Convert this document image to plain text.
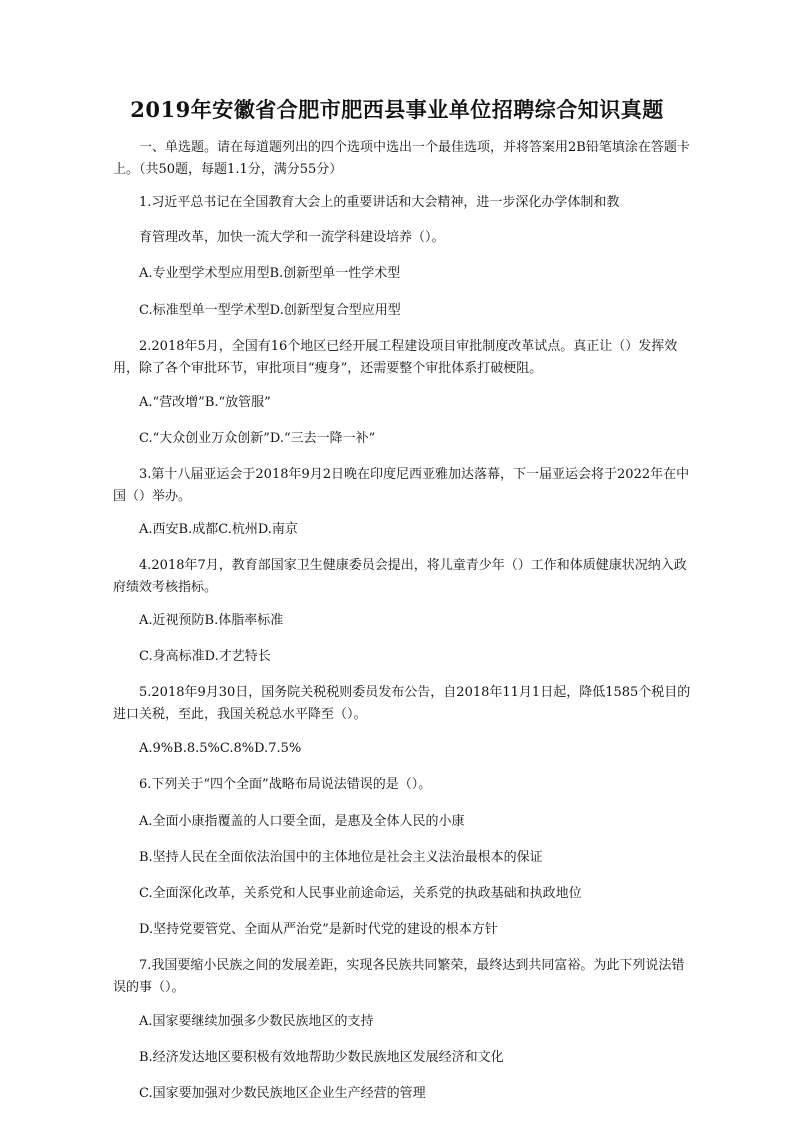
2019年安徽省合肥市肥西县事业单位招聘综合知识真题

一、单选题。请在每道题列出的四个选项中选出一个最佳选项，并将答案用2B铅笔填涂在答题卡上。（共50题，每题1.1分，满分55分）

1.习近平总书记在全国教育大会上的重要讲话和大会精神，进一步深化办学体制和教

育管理改革，加快一流大学和一流学科建设培养（）。

A.专业型学术型应用型B.创新型单一性学术型

C.标准型单一型学术型D.创新型复合型应用型

2.2018年5月，全国有16个地区已经开展工程建设项目审批制度改革试点。真正让（）发挥效用，除了各个审批环节，审批项目“瘦身”，还需要整个审批体系打破梗阻。

A.“营改增”B.“放管服”

C.“大众创业万众创新”D.“三去一降一补”

3.第十八届亚运会于2018年9月2日晚在印度尼西亚雅加达落幕，下一届亚运会将于2022年在中国（）举办。

A.西安B.成都C.杭州D.南京

4.2018年7月，教育部国家卫生健康委员会提出，将儿童青少年（）工作和体质健康状况纳入政府绩效考核指标。

A.近视预防B.体脂率标准

C.身高标准D.才艺特长

5.2018年9月30日，国务院关税税则委员发布公告，自2018年11月1日起，降低1585个税目的进口关税，至此，我国关税总水平降至（）。

A.9%B.8.5%C.8%D.7.5%

6.下列关于“四个全面”战略布局说法错误的是（）。

A.全面小康指覆盖的人口要全面，是惠及全体人民的小康

B.坚持人民在全面依法治国中的主体地位是社会主义法治最根本的保证

C.全面深化改革，关系党和人民事业前途命运，关系党的执政基础和执政地位

D.坚持党要管党、全面从严治党”是新时代党的建设的根本方针

7.我国要缩小民族之间的发展差距，实现各民族共同繁荣，最终达到共同富裕。为此下列说法错误的事（）。

A.国家要继续加强多少数民族地区的支持

B.经济发达地区要积极有效地帮助少数民族地区发展经济和文化

C.国家要加强对少数民族地区企业生产经营的管理
